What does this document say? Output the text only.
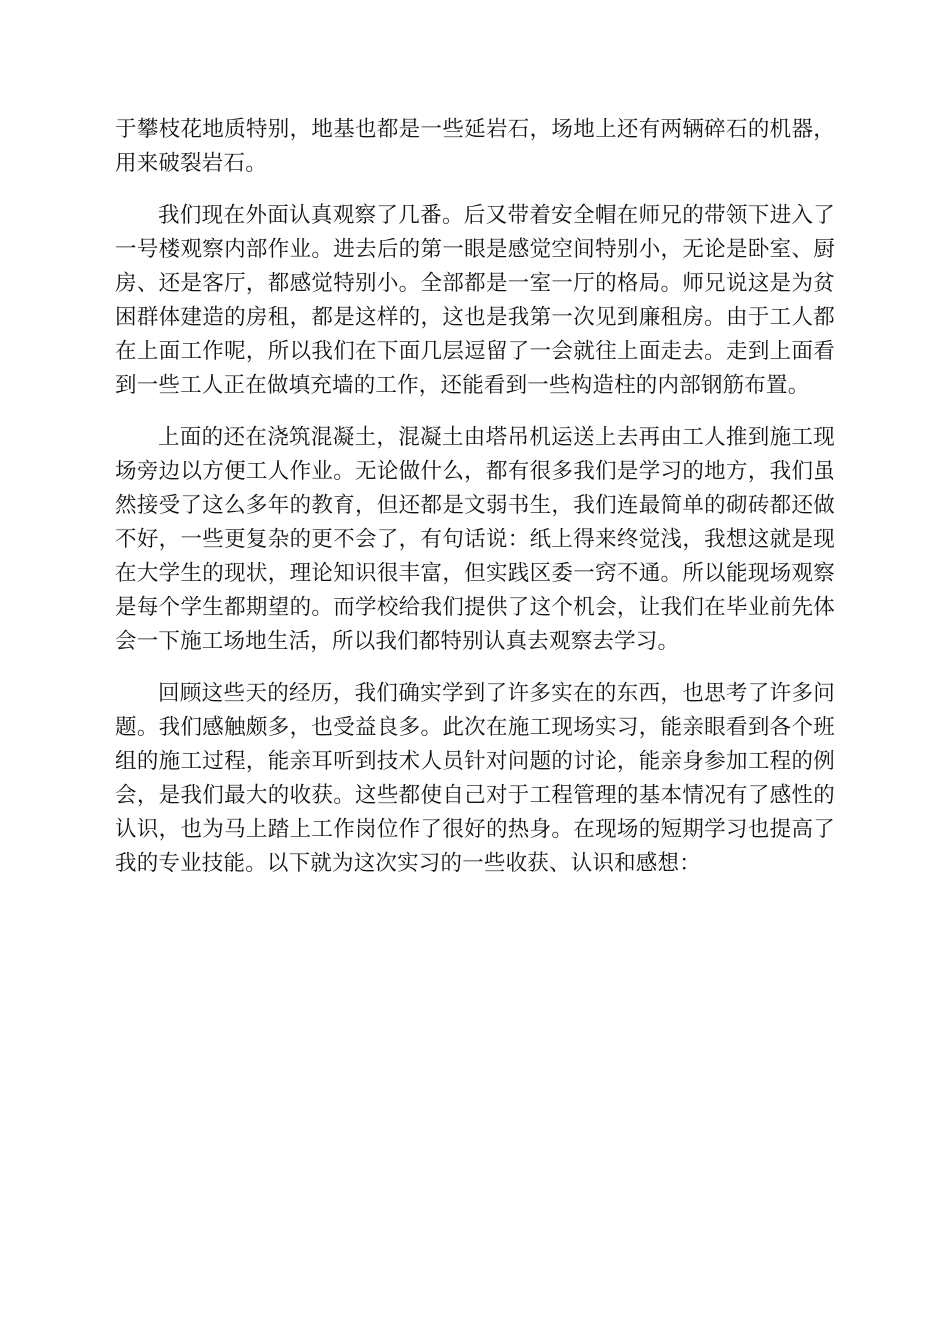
于攀枝花地质特别，地基也都是一些延岩石，场地上还有两辆碎石的机器，用来破裂岩石。

我们现在外面认真观察了几番。后又带着安全帽在师兄的带领下进入了一号楼观察内部作业。进去后的第一眼是感觉空间特别小，无论是卧室、厨房、还是客厅，都感觉特别小。全部都是一室一厅的格局。师兄说这是为贫困群体建造的房租，都是这样的，这也是我第一次见到廉租房。由于工人都在上面工作呢，所以我们在下面几层逗留了一会就往上面走去。走到上面看到一些工人正在做填充墙的工作，还能看到一些构造柱的内部钢筋布置。

上面的还在浇筑混凝土，混凝土由塔吊机运送上去再由工人推到施工现场旁边以方便工人作业。无论做什么，都有很多我们是学习的地方，我们虽然接受了这么多年的教育，但还都是文弱书生，我们连最简单的砌砖都还做不好，一些更复杂的更不会了，有句话说：纸上得来终觉浅，我想这就是现在大学生的现状，理论知识很丰富，但实践区委一窍不通。所以能现场观察是每个学生都期望的。而学校给我们提供了这个机会，让我们在毕业前先体会一下施工场地生活，所以我们都特别认真去观察去学习。

回顾这些天的经历，我们确实学到了许多实在的东西，也思考了许多问题。我们感触颇多，也受益良多。此次在施工现场实习，能亲眼看到各个班组的施工过程，能亲耳听到技术人员针对问题的讨论，能亲身参加工程的例会，是我们最大的收获。这些都使自己对于工程管理的基本情况有了感性的认识，也为马上踏上工作岗位作了很好的热身。在现场的短期学习也提高了我的专业技能。以下就为这次实习的一些收获、认识和感想：
